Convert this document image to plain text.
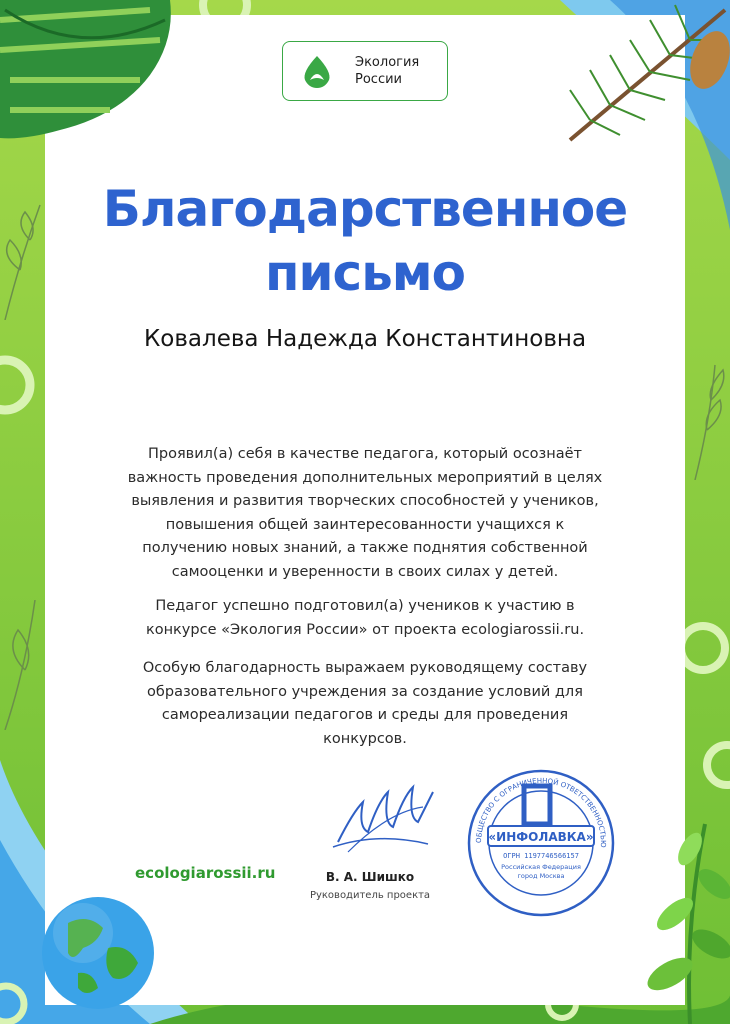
Экология
России
Благодарственное
письмо
Ковалева Надежда Константиновна

Проявил(а) себя в качестве педагога, который осознаёт важность проведения дополнительных мероприятий в целях выявления и развития творческих способностей у учеников, повышения общей заинтересованности учащихся к получению новых знаний, а также поднятия собственной самооценки и уверенности в своих силах у детей.

Педагог успешно подготовил(а) учеников к участию в конкурсе «Экология России» от проекта ecologiarossii.ru.

Особую благодарность выражаем руководящему составу образовательного учреждения за создание условий для самореализации педагогов и среды для проведения конкурсов.

ecologiarossii.ru	В. А. Шишко
Руководитель проекта
ОБЩЕСТВО С ОГРАНИЧЕННОЙ ОТВЕТСТВЕННОСТЬЮ
«ИНФОЛАВКА»
ОГРН 1197746566157
Российская Федерация
город Москва
